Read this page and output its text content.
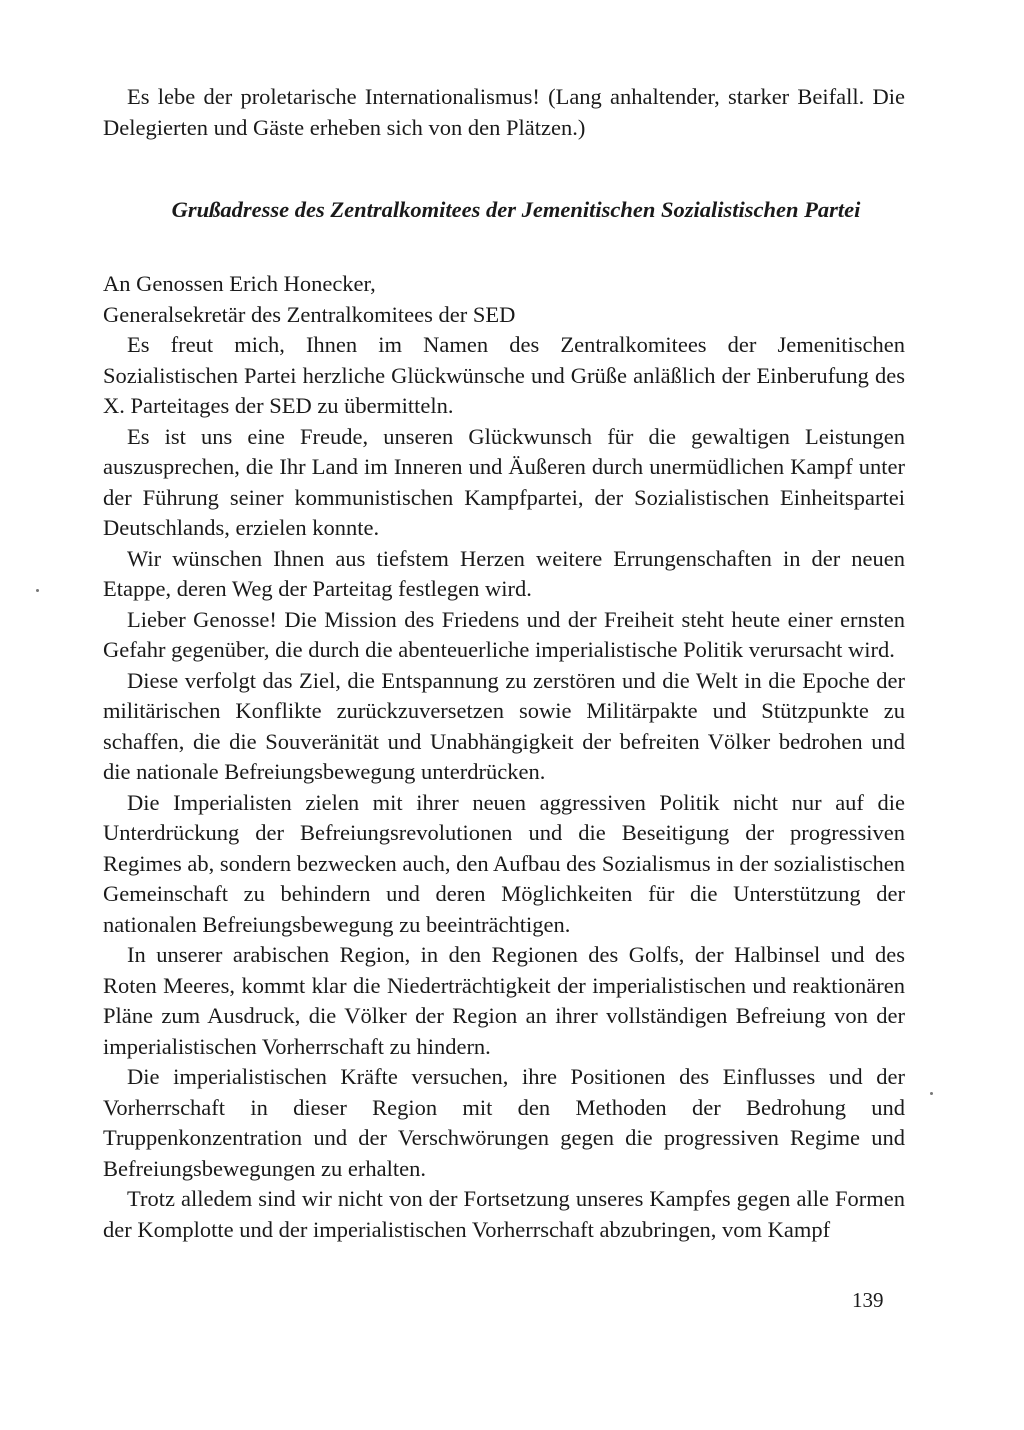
Es lebe der proletarische Internationalismus! (Lang anhaltender, starker Beifall. Die Delegierten und Gäste erheben sich von den Plätzen.)

Grußadresse des Zentralkomitees der Jemenitischen Sozialistischen Partei

An Genossen Erich Honecker,

Generalsekretär des Zentralkomitees der SED

Es freut mich, Ihnen im Namen des Zentralkomitees der Jemenitischen Sozialistischen Partei herzliche Glückwünsche und Grüße anläßlich der Einberufung des X. Parteitages der SED zu übermitteln.

Es ist uns eine Freude, unseren Glückwunsch für die gewaltigen Leistungen auszusprechen, die Ihr Land im Inneren und Äußeren durch unermüdlichen Kampf unter der Führung seiner kommunistischen Kampfpartei, der Sozialistischen Einheitspartei Deutschlands, erzielen konnte.

Wir wünschen Ihnen aus tiefstem Herzen weitere Errungenschaften in der neuen Etappe, deren Weg der Parteitag festlegen wird.

Lieber Genosse! Die Mission des Friedens und der Freiheit steht heute einer ernsten Gefahr gegenüber, die durch die abenteuerliche imperialistische Politik verursacht wird.

Diese verfolgt das Ziel, die Entspannung zu zerstören und die Welt in die Epoche der militärischen Konflikte zurückzuversetzen sowie Militärpakte und Stützpunkte zu schaffen, die die Souveränität und Unabhängigkeit der befreiten Völker bedrohen und die nationale Befreiungsbewegung unterdrücken.

Die Imperialisten zielen mit ihrer neuen aggressiven Politik nicht nur auf die Unterdrückung der Befreiungsrevolutionen und die Beseitigung der progressiven Regimes ab, sondern bezwecken auch, den Aufbau des Sozialismus in der sozialistischen Gemeinschaft zu behindern und deren Möglichkeiten für die Unterstützung der nationalen Befreiungsbewegung zu beeinträchtigen.

In unserer arabischen Region, in den Regionen des Golfs, der Halbinsel und des Roten Meeres, kommt klar die Niederträchtigkeit der imperialistischen und reaktionären Pläne zum Ausdruck, die Völker der Region an ihrer vollständigen Befreiung von der imperialistischen Vorherrschaft zu hindern.

Die imperialistischen Kräfte versuchen, ihre Positionen des Einflusses und der Vorherrschaft in dieser Region mit den Methoden der Bedrohung und Truppenkonzentration und der Verschwörungen gegen die progressiven Regime und Befreiungsbewegungen zu erhalten.

Trotz alledem sind wir nicht von der Fortsetzung unseres Kampfes gegen alle Formen der Komplotte und der imperialistischen Vorherrschaft abzubringen, vom Kampf

139
